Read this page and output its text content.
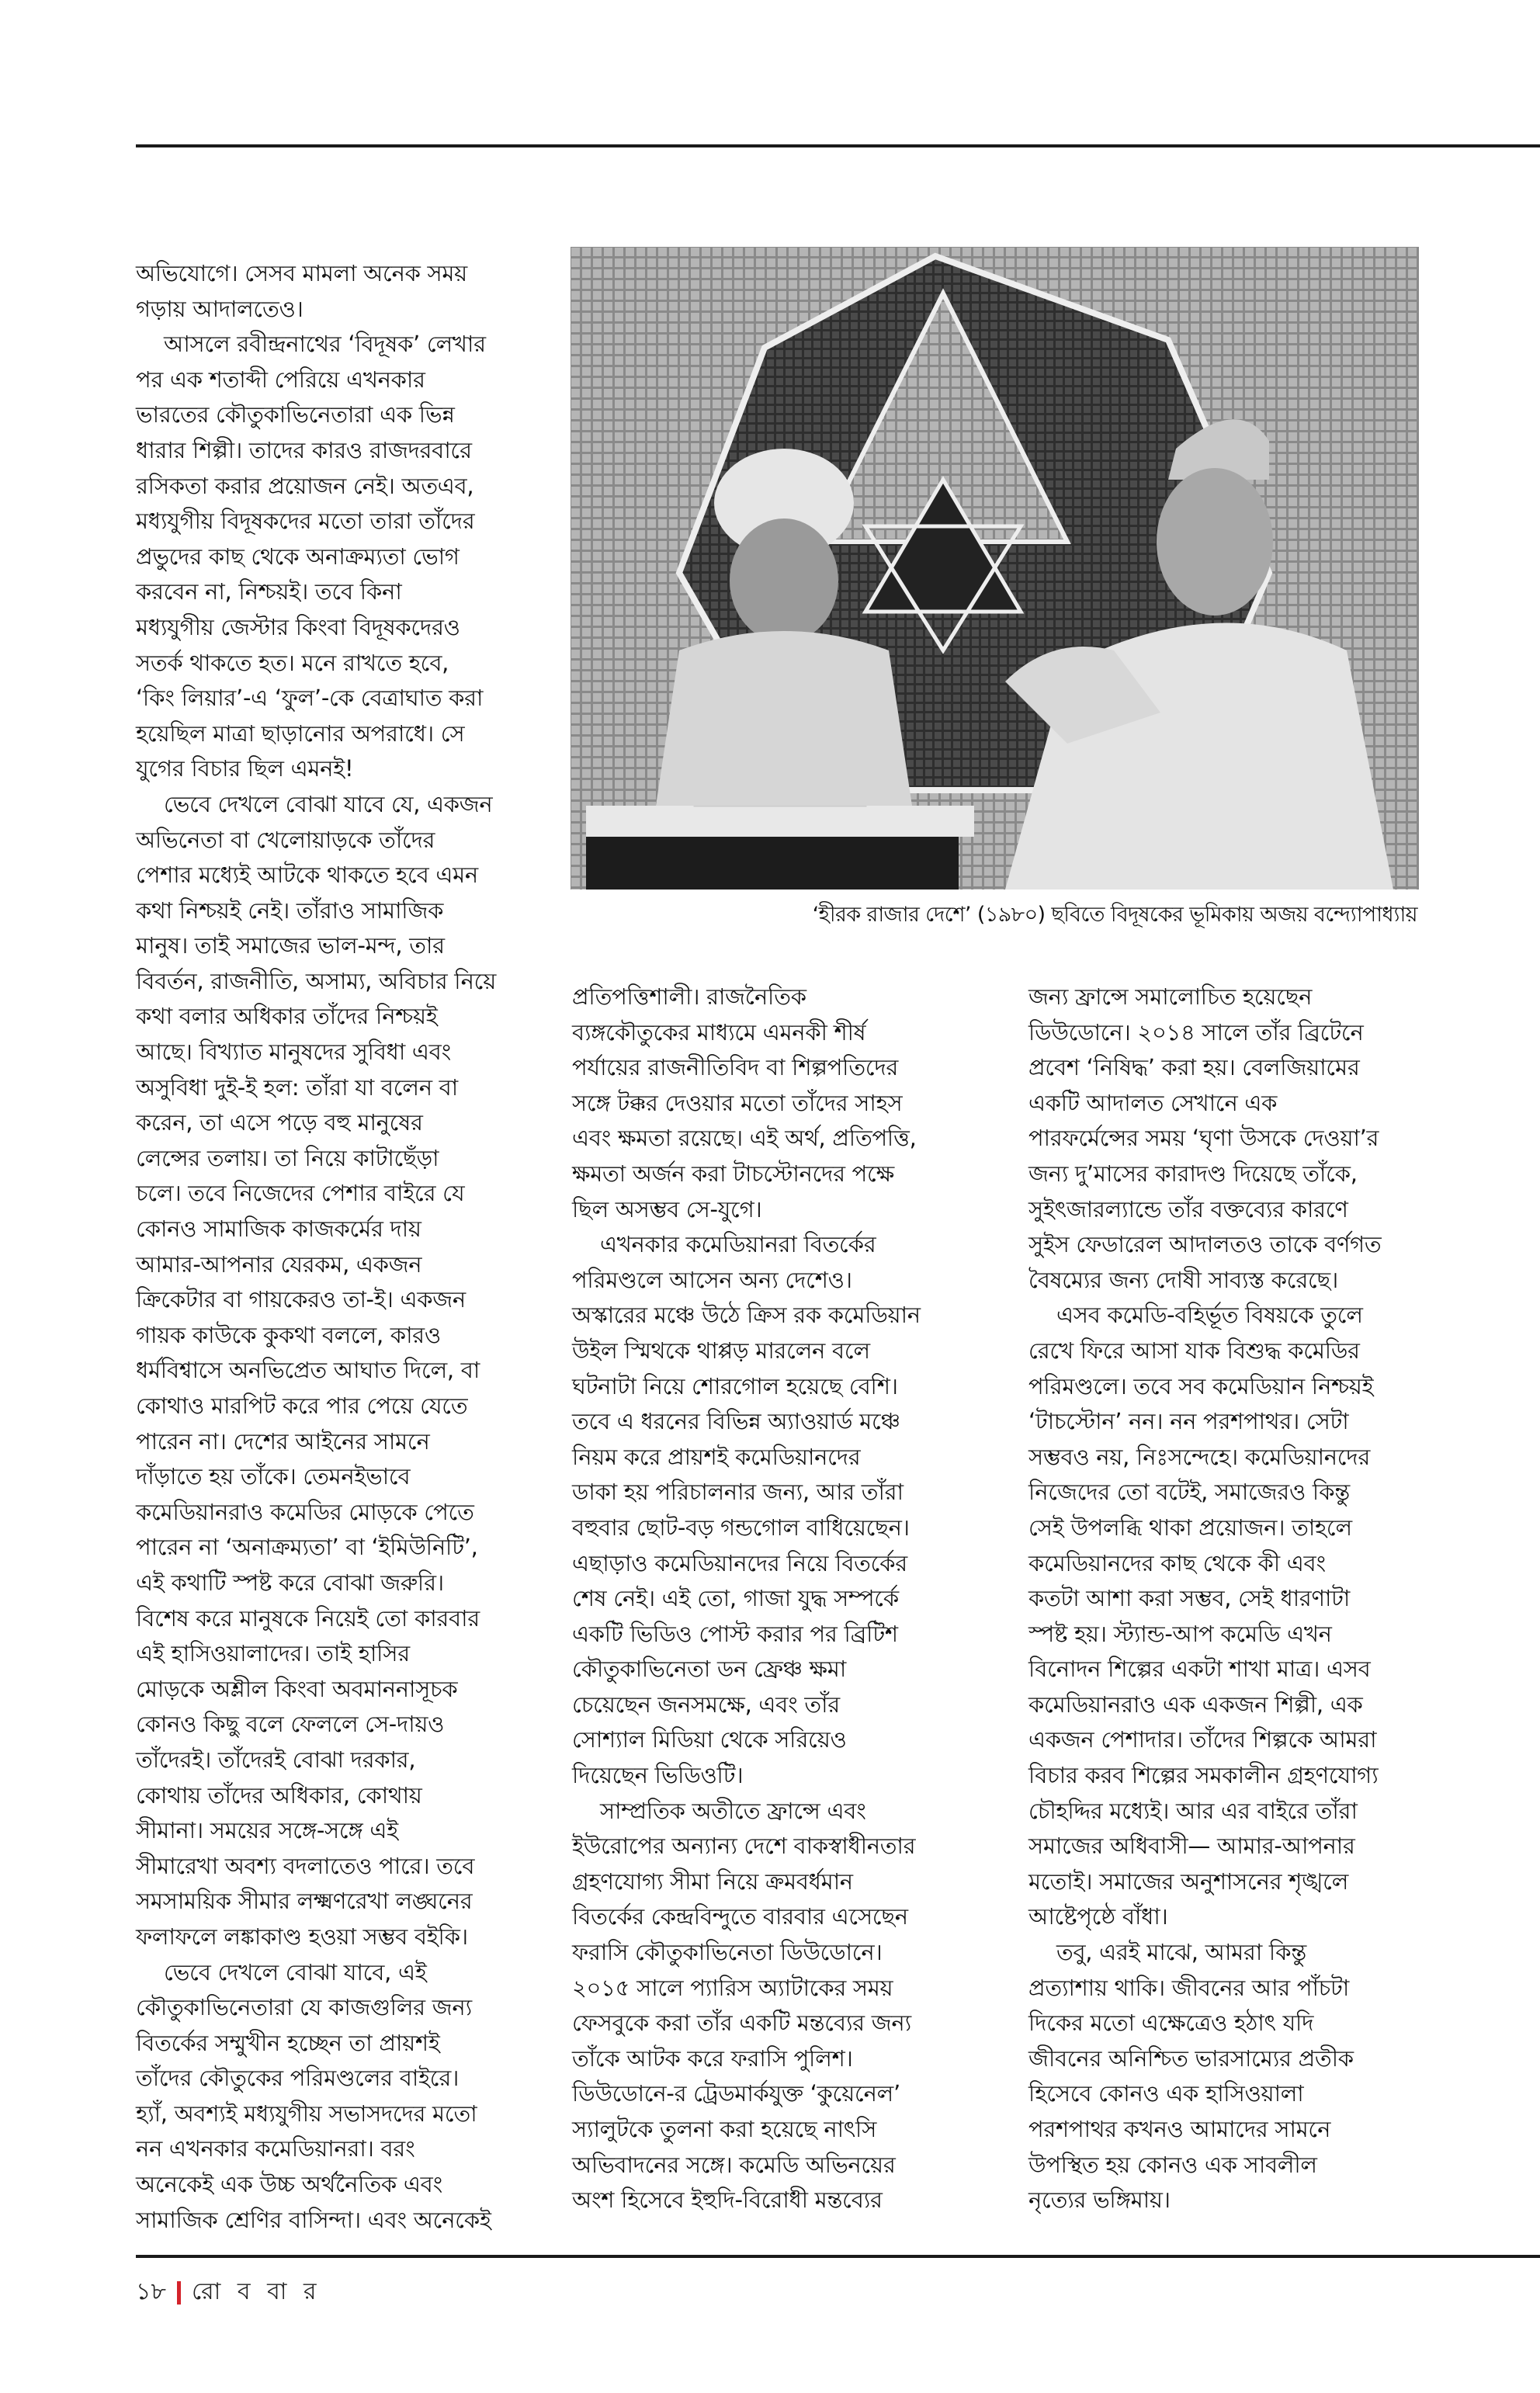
অভিযোগে। সেসব মামলা অনেক সময়
গড়ায় আদালতেও।

আসলে রবীন্দ্রনাথের ‘বিদূষক’ লেখার
পর এক শতাব্দী পেরিয়ে এখনকার
ভারতের কৌতুকাভিনেতারা এক ভিন্ন
ধারার শিল্পী। তাদের কারও রাজদরবারে
রসিকতা করার প্রয়োজন নেই। অতএব,
মধ্যযুগীয় বিদূষকদের মতো তারা তাঁদের
প্রভুদের কাছ থেকে অনাক্রম্যতা ভোগ
করবেন না, নিশ্চয়ই। তবে কিনা
মধ্যযুগীয় জেস্টার কিংবা বিদূষকদেরও
সতর্ক থাকতে হত। মনে রাখতে হবে,
‘কিং লিয়ার’-এ ‘ফুল’-কে বেত্রাঘাত করা
হয়েছিল মাত্রা ছাড়ানোর অপরাধে। সে
যুগের বিচার ছিল এমনই!

ভেবে দেখলে বোঝা যাবে যে, একজন
অভিনেতা বা খেলোয়াড়কে তাঁদের
পেশার মধ্যেই আটকে থাকতে হবে এমন
কথা নিশ্চয়ই নেই। তাঁরাও সামাজিক
মানুষ। তাই সমাজের ভাল-মন্দ, তার
বিবর্তন, রাজনীতি, অসাম্য, অবিচার নিয়ে
কথা বলার অধিকার তাঁদের নিশ্চয়ই
আছে। বিখ্যাত মানুষদের সুবিধা এবং
অসুবিধা দুই-ই হল: তাঁরা যা বলেন বা
করেন, তা এসে পড়ে বহু মানুষের
লেন্সের তলায়। তা নিয়ে কাটাছেঁড়া
চলে। তবে নিজেদের পেশার বাইরে যে
কোনও সামাজিক কাজকর্মের দায়
আমার-আপনার যেরকম, একজন
ক্রিকেটার বা গায়কেরও তা-ই। একজন
গায়ক কাউকে কুকথা বললে, কারও
ধর্মবিশ্বাসে অনভিপ্রেত আঘাত দিলে, বা
কোথাও মারপিট করে পার পেয়ে যেতে
পারেন না। দেশের আইনের সামনে
দাঁড়াতে হয় তাঁকে। তেমনইভাবে
কমেডিয়ানরাও কমেডির মোড়কে পেতে
পারেন না ‘অনাক্রম্যতা’ বা ‘ইমিউনিটি’,
এই কথাটি স্পষ্ট করে বোঝা জরুরি।
বিশেষ করে মানুষকে নিয়েই তো কারবার
এই হাসিওয়ালাদের। তাই হাসির
মোড়কে অশ্লীল কিংবা অবমাননাসূচক
কোনও কিছু বলে ফেললে সে-দায়ও
তাঁদেরই। তাঁদেরই বোঝা দরকার,
কোথায় তাঁদের অধিকার, কোথায়
সীমানা। সময়ের সঙ্গে-সঙ্গে এই
সীমারেখা অবশ্য বদলাতেও পারে। তবে
সমসাময়িক সীমার লক্ষ্মণরেখা লঙ্ঘনের
ফলাফলে লঙ্কাকাণ্ড হওয়া সম্ভব বইকি।

ভেবে দেখলে বোঝা যাবে, এই
কৌতুকাভিনেতারা যে কাজগুলির জন্য
বিতর্কের সম্মুখীন হচ্ছেন তা প্রায়শই
তাঁদের কৌতুকের পরিমণ্ডলের বাইরে।
হ্যাঁ, অবশ্যই মধ্যযুগীয় সভাসদদের মতো
নন এখনকার কমেডিয়ানরা। বরং
অনেকেই এক উচ্চ অর্থনৈতিক এবং
সামাজিক শ্রেণির বাসিন্দা। এবং অনেকেই

‘হীরক রাজার দেশে’ (১৯৮০) ছবিতে বিদূষকের ভূমিকায় অজয় বন্দ্যোপাধ্যায়

প্রতিপত্তিশালী। রাজনৈতিক
ব্যঙ্গকৌতুকের মাধ্যমে এমনকী শীর্ষ
পর্যায়ের রাজনীতিবিদ বা শিল্পপতিদের
সঙ্গে টক্কর দেওয়ার মতো তাঁদের সাহস
এবং ক্ষমতা রয়েছে। এই অর্থ, প্রতিপত্তি,
ক্ষমতা অর্জন করা টাচস্টোনদের পক্ষে
ছিল অসম্ভব সে-যুগে।

এখনকার কমেডিয়ানরা বিতর্কের
পরিমণ্ডলে আসেন অন্য দেশেও।
অস্কারের মঞ্চে উঠে ক্রিস রক কমেডিয়ান
উইল স্মিথকে থাপ্পড় মারলেন বলে
ঘটনাটা নিয়ে শোরগোল হয়েছে বেশি।
তবে এ ধরনের বিভিন্ন অ্যাওয়ার্ড মঞ্চে
নিয়ম করে প্রায়শই কমেডিয়ানদের
ডাকা হয় পরিচালনার জন্য, আর তাঁরা
বহুবার ছোট-বড় গন্ডগোল বাধিয়েছেন।
এছাড়াও কমেডিয়ানদের নিয়ে বিতর্কের
শেষ নেই। এই তো, গাজা যুদ্ধ সম্পর্কে
একটি ভিডিও পোস্ট করার পর ব্রিটিশ
কৌতুকাভিনেতা ডন ফ্রেঞ্চ ক্ষমা
চেয়েছেন জনসমক্ষে, এবং তাঁর
সোশ্যাল মিডিয়া থেকে সরিয়েও
দিয়েছেন ভিডিওটি।

সাম্প্রতিক অতীতে ফ্রান্সে এবং
ইউরোপের অন্যান্য দেশে বাকস্বাধীনতার
গ্রহণযোগ্য সীমা নিয়ে ক্রমবর্ধমান
বিতর্কের কেন্দ্রবিন্দুতে বারবার এসেছেন
ফরাসি কৌতুকাভিনেতা ডিউডোনে।
২০১৫ সালে প্যারিস অ্যাটাকের সময়
ফেসবুকে করা তাঁর একটি মন্তব্যের জন্য
তাঁকে আটক করে ফরাসি পুলিশ।
ডিউডোনে-র ট্রেডমার্কযুক্ত ‘কুয়েনেল’
স্যালুটকে তুলনা করা হয়েছে নাৎসি
অভিবাদনের সঙ্গে। কমেডি অভিনয়ের
অংশ হিসেবে ইহুদি-বিরোধী মন্তব্যের

জন্য ফ্রান্সে সমালোচিত হয়েছেন
ডিউডোনে। ২০১৪ সালে তাঁর ব্রিটেনে
প্রবেশ ‘নিষিদ্ধ’ করা হয়। বেলজিয়ামের
একটি আদালত সেখানে এক
পারফর্মেন্সের সময় ‘ঘৃণা উসকে দেওয়া’র
জন্য দু’মাসের কারাদণ্ড দিয়েছে তাঁকে,
সুইৎজারল্যান্ডে তাঁর বক্তব্যের কারণে
সুইস ফেডারেল আদালতও তাকে বর্ণগত
বৈষম্যের জন্য দোষী সাব্যস্ত করেছে।

এসব কমেডি-বহির্ভূত বিষয়কে তুলে
রেখে ফিরে আসা যাক বিশুদ্ধ কমেডির
পরিমণ্ডলে। তবে সব কমেডিয়ান নিশ্চয়ই
‘টাচস্টোন’ নন। নন পরশপাথর। সেটা
সম্ভবও নয়, নিঃসন্দেহে। কমেডিয়ানদের
নিজেদের তো বটেই, সমাজেরও কিন্তু
সেই উপলব্ধি থাকা প্রয়োজন। তাহলে
কমেডিয়ানদের কাছ থেকে কী এবং
কতটা আশা করা সম্ভব, সেই ধারণাটা
স্পষ্ট হয়। স্ট্যান্ড-আপ কমেডি এখন
বিনোদন শিল্পের একটা শাখা মাত্র। এসব
কমেডিয়ানরাও এক একজন শিল্পী, এক
একজন পেশাদার। তাঁদের শিল্পকে আমরা
বিচার করব শিল্পের সমকালীন গ্রহণযোগ্য
চৌহদ্দির মধ্যেই। আর এর বাইরে তাঁরা
সমাজের অধিবাসী— আমার-আপনার
মতোই। সমাজের অনুশাসনের শৃঙ্খলে
আষ্টেপৃষ্ঠে বাঁধা।

তবু, এরই মাঝে, আমরা কিন্তু
প্রত্যাশায় থাকি। জীবনের আর পাঁচটা
দিকের মতো এক্ষেত্রেও হঠাৎ যদি
জীবনের অনিশ্চিত ভারসাম্যের প্রতীক
হিসেবে কোনও এক হাসিওয়ালা
পরশপাথর কখনও আমাদের সামনে
উপস্থিত হয় কোনও এক সাবলীল
নৃত্যের ভঙ্গিমায়।

১৮ রো ব বা র
